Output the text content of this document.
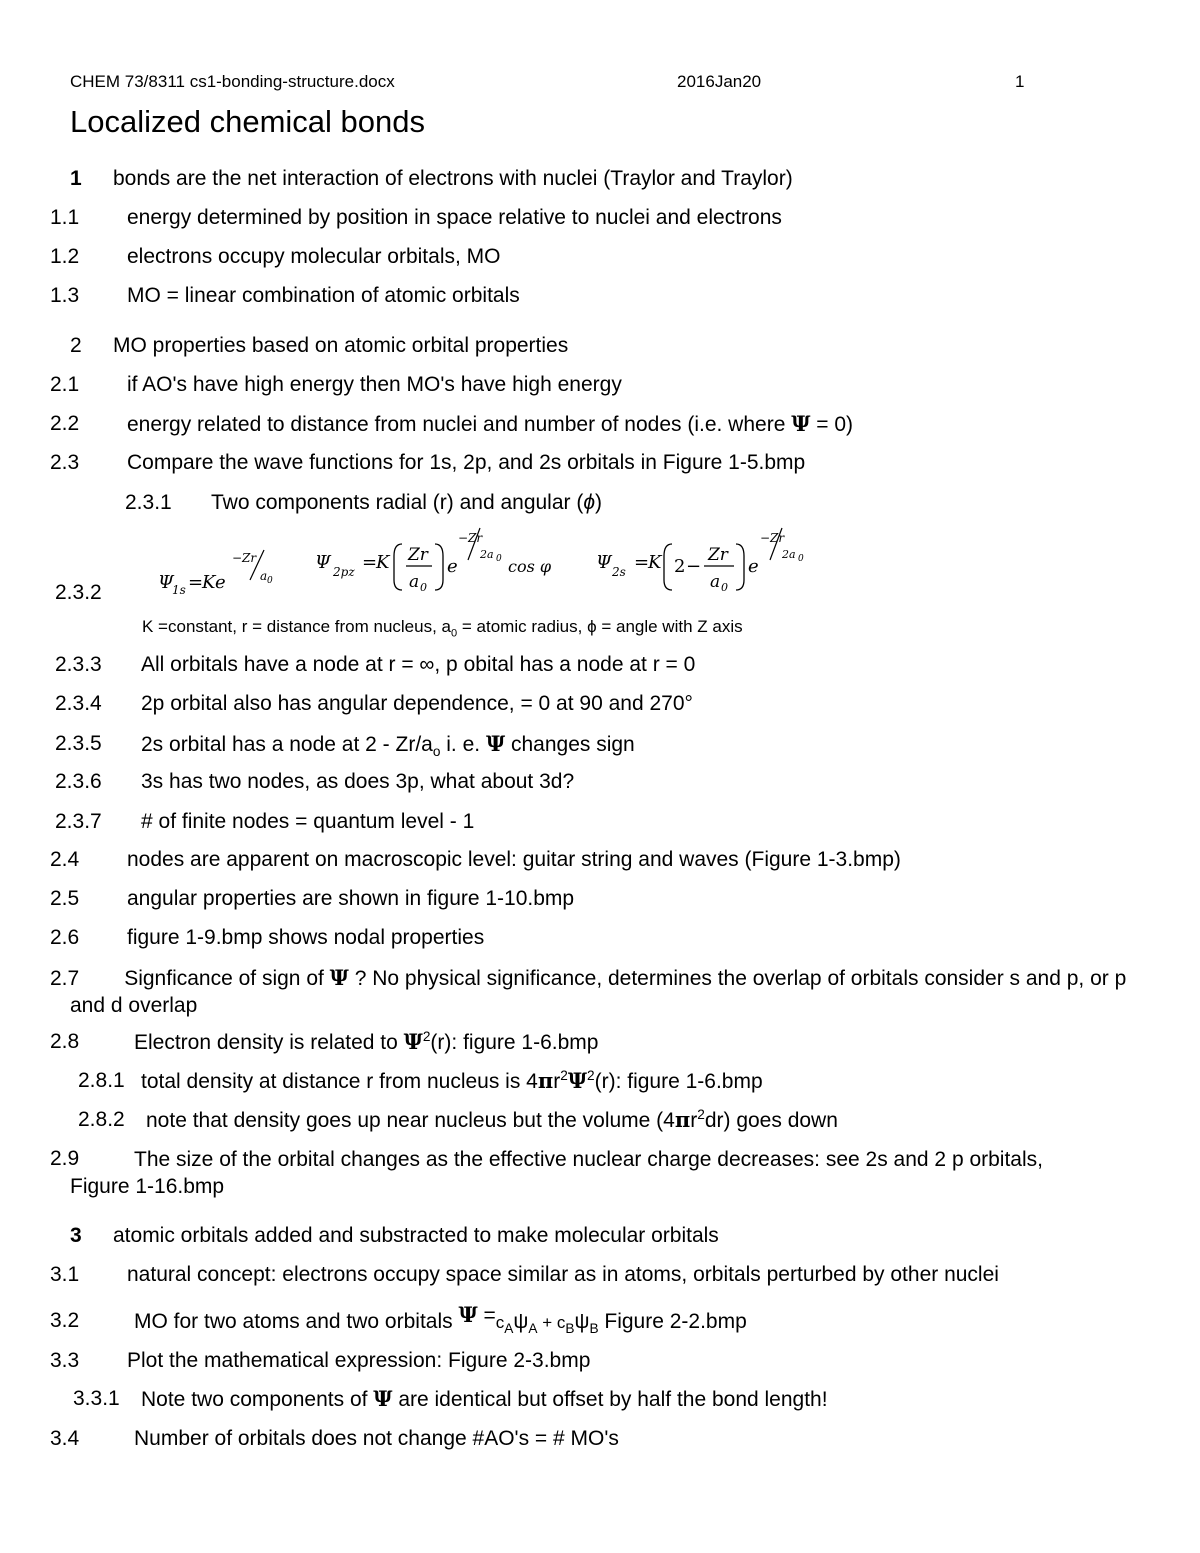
CHEM 73/8311 cs1-bonding-structure.docx	2016Jan20	1
Localized chemical bonds
1 bonds are the net interaction of electrons with nuclei (Traylor and Traylor)
1.1 energy determined by position in space relative to nuclei and electrons
1.2 electrons occupy molecular orbitals, MO
1.3 MO = linear combination of atomic orbitals
2 MO properties based on atomic orbital properties
2.1 if AO's have high energy then MO's have high energy
2.2 energy related to distance from nuclei and number of nodes (i.e. where Ψ = 0)
2.3 Compare the wave functions for 1s, 2p, and 2s orbitals in Figure 1-5.bmp
2.3.1 Two components radial (r) and angular (ϕ)
2.3.2	Ψ
1s =
Ke
−Zr
a 0
Ψ 2pz =
K Zr
a 0
e
−Zr
2a 0 cos φ Ψ 2s =
K 2 −
Zr
a 0
e
−Zr
2a 0
K =constant, r = distance from nucleus, $a_0$ = atomic radius, ϕ = angle with Z axis
2.3.3 All orbitals have a node at r = ∞, p obital has a node at r = 0
2.3.4 2p orbital also has angular dependence, = 0 at 90 and 270°
2.3.5 2s orbital has a node at $2 - Zr/a_o$ i. e. Ψ changes sign
2.3.6 3s has two nodes, as does 3p, what about 3d?
2.3.7 # of finite nodes = quantum level - 1
2.4 nodes are apparent on macroscopic level: guitar string and waves (Figure 1-3.bmp)
2.5 angular properties are shown in figure 1-10.bmp
2.6 figure 1-9.bmp shows nodal properties
2.7 Signficance of sign of Ψ ? No physical significance, determines the overlap of orbitals consider s and p, or p and d overlap
2.8	Electron density is related to $\Psi^2(r)$: figure 1-6.bmp
2.8.1 total density at distance r from nucleus is $4\pi r^2\Psi^2(r)$: figure 1-6.bmp
2.8.2 note that density goes up near nucleus but the volume $(4\pi r^2dr)$ goes down
2.9	The size of the orbital changes as the effective nuclear charge decreases: see 2s and 2 p orbitals, Figure 1-16.bmp
3 atomic orbitals added and substracted to make molecular orbitals
3.1 natural concept: electrons occupy space similar as in atoms, orbitals perturbed by other nuclei
3.2	MO for two atoms and two orbitals $\Psi =c_A\psi_A + c_B\psi_B$ Figure 2-2.bmp
3.3 Plot the mathematical expression: Figure 2-3.bmp
3.3.1 Note two components of Ψ are identical but offset by half the bond length!
3.4	Number of orbitals does not change #AO's = # MO's
